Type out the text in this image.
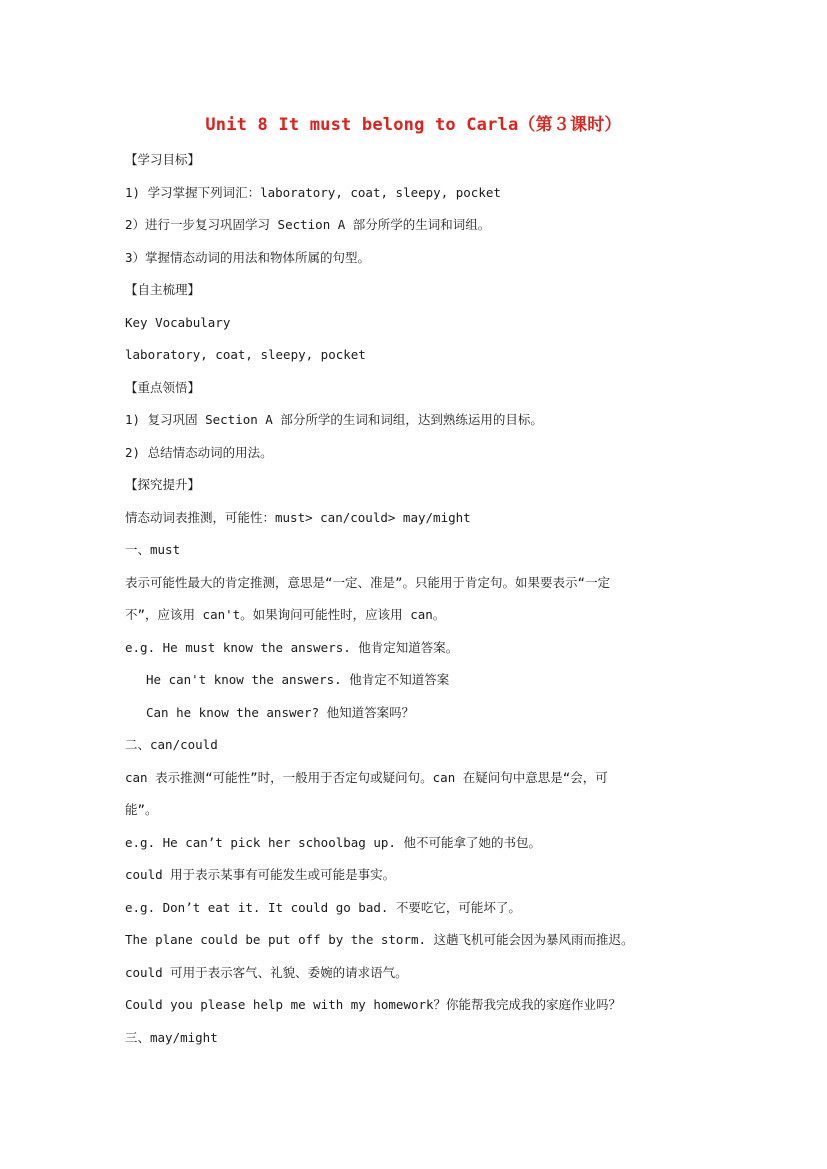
Unit 8 It must belong to Carla（第３课时）
【学习目标】
1) 学习掌握下列词汇：laboratory, coat, sleepy, pocket
2）进行一步复习巩固学习 Section A 部分所学的生词和词组。
3）掌握情态动词的用法和物体所属的句型。
【自主梳理】
Key Vocabulary
laboratory, coat, sleepy, pocket
【重点领悟】
1) 复习巩固 Section A 部分所学的生词和词组，达到熟练运用的目标。
2) 总结情态动词的用法。
【探究提升】
情态动词表推测，可能性：must> can/could> may/might
一、must
表示可能性最大的肯定推测，意思是“一定、准是”。只能用于肯定句。如果要表示“一定
不”，应该用 can't。如果询问可能性时，应该用 can。
e.g. He must know the answers. 他肯定知道答案。
He can't know the answers. 他肯定不知道答案
Can he know the answer? 他知道答案吗？
二、can/could
can 表示推测“可能性”时，一般用于否定句或疑问句。can 在疑问句中意思是“会，可
能”。
e.g. He can’t pick her schoolbag up. 他不可能拿了她的书包。
could 用于表示某事有可能发生或可能是事实。
e.g. Don’t eat it. It could go bad. 不要吃它，可能坏了。
The plane could be put off by the storm. 这趟飞机可能会因为暴风雨而推迟。
could 可用于表示客气、礼貌、委婉的请求语气。
Could you please help me with my homework？你能帮我完成我的家庭作业吗？
三、may/might
